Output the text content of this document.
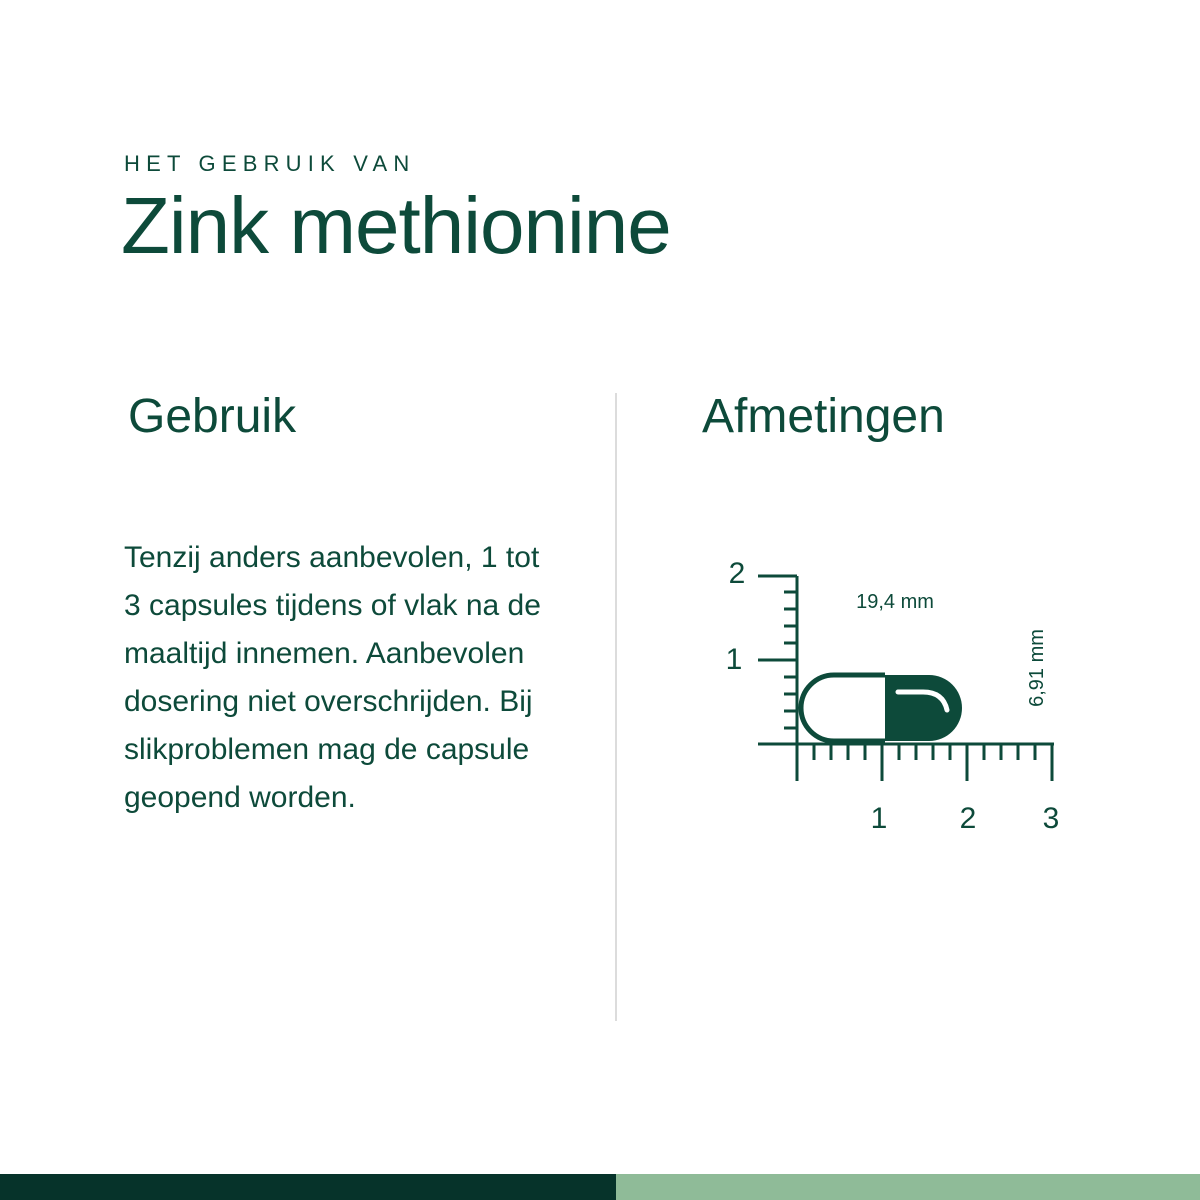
HET GEBRUIK VAN
Zink methionine
Gebruik	Afmetingen
Tenzij anders aanbevolen, 1 tot 3 capsules tijdens of vlak na de maaltijd innemen. Aanbevolen dosering niet overschrijden. Bij slikproblemen mag de capsule geopend worden.
2
1
1 2 3
19,4 mm
6,91 mm
